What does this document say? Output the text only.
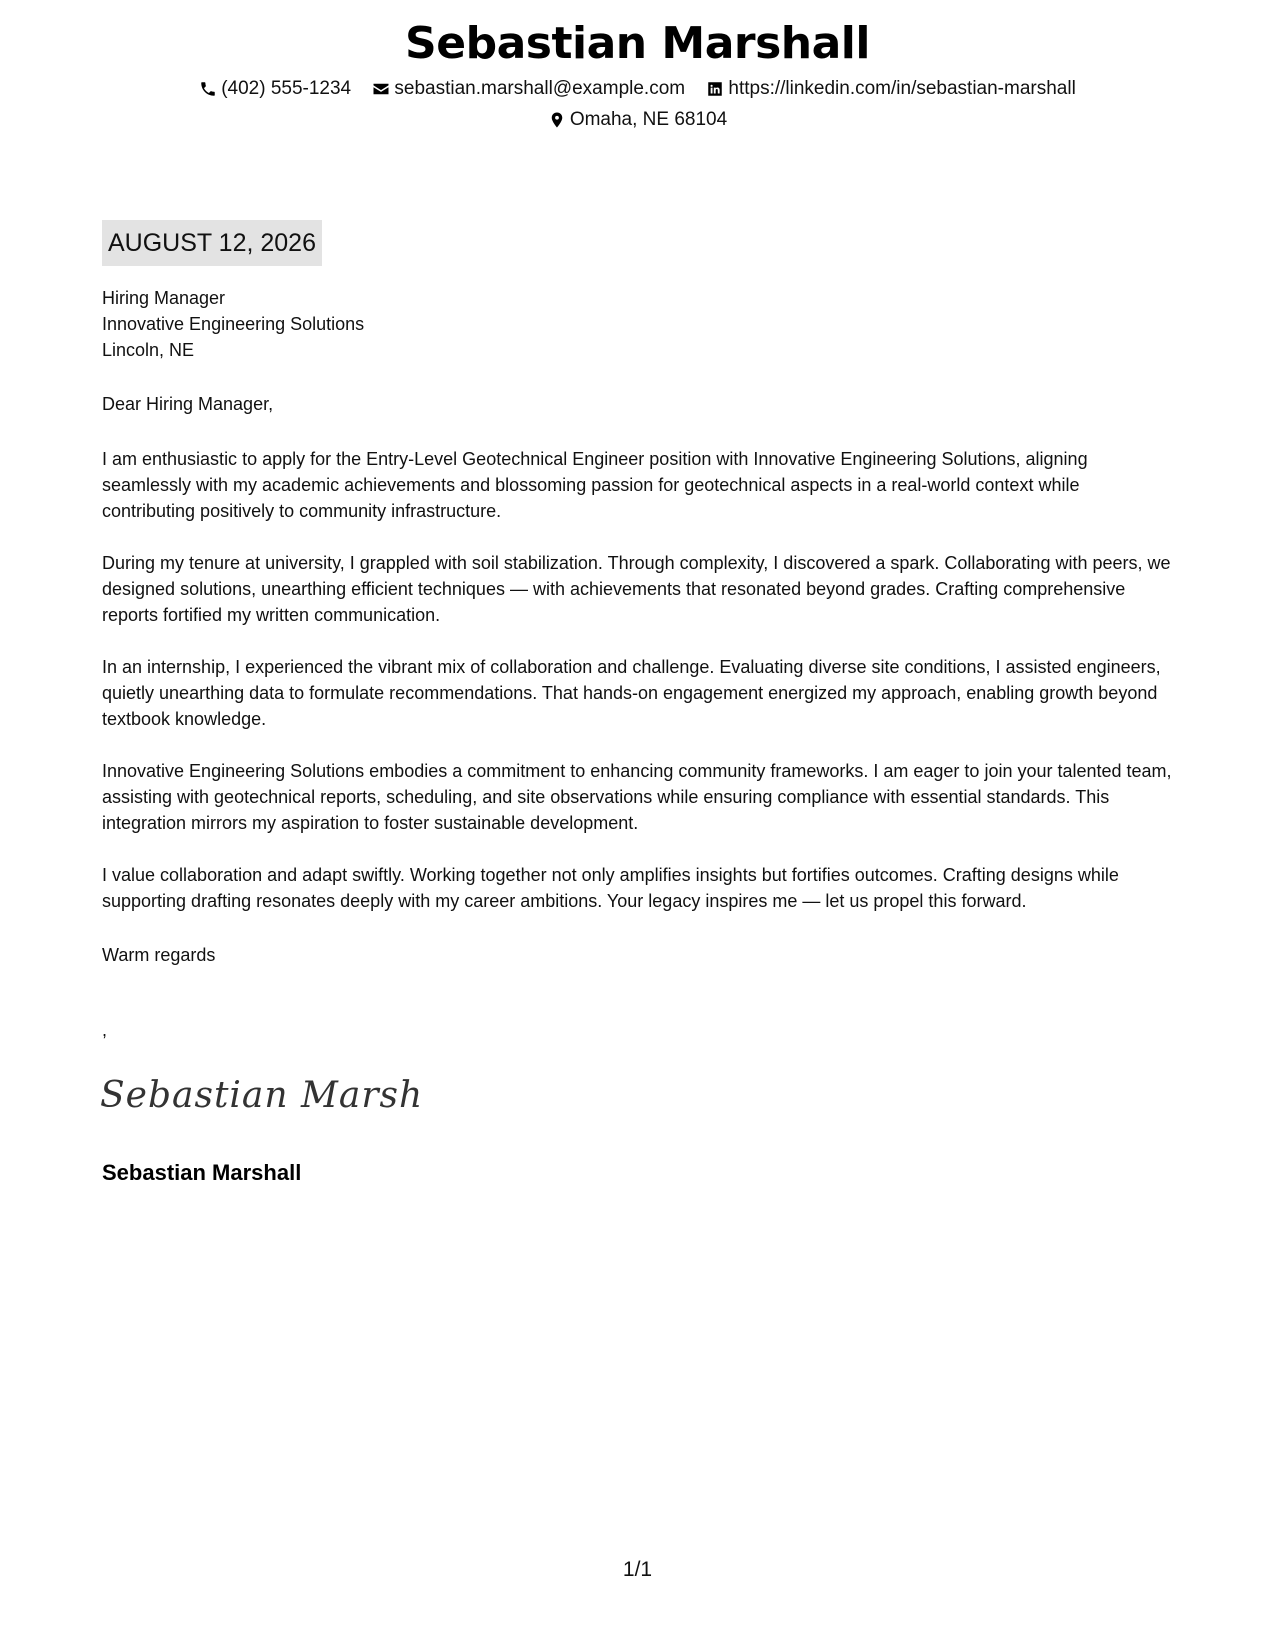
Sebastian Marshall
(402) 555-1234
sebastian.marshall@example.com
https://linkedin.com/in/sebastian-marshall
Omaha, NE 68104
AUGUST 12, 2026
Hiring Manager
Innovative Engineering Solutions
Lincoln, NE
Dear Hiring Manager,

I am enthusiastic to apply for the Entry-Level Geotechnical Engineer position with Innovative Engineering Solutions, aligning seamlessly with my academic achievements and blossoming passion for geotechnical aspects in a real-world context while contributing positively to community infrastructure.

During my tenure at university, I grappled with soil stabilization. Through complexity, I discovered a spark. Collaborating with peers, we designed solutions, unearthing efficient techniques — with achievements that resonated beyond grades. Crafting comprehensive reports fortified my written communication.

In an internship, I experienced the vibrant mix of collaboration and challenge. Evaluating diverse site conditions, I assisted engineers, quietly unearthing data to formulate recommendations. That hands-on engagement energized my approach, enabling growth beyond textbook knowledge.

Innovative Engineering Solutions embodies a commitment to enhancing community frameworks. I am eager to join your talented team, assisting with geotechnical reports, scheduling, and site observations while ensuring compliance with essential standards. This integration mirrors my aspiration to foster sustainable development.

I value collaboration and adapt swiftly. Working together not only amplifies insights but fortifies outcomes. Crafting designs while supporting drafting resonates deeply with my career ambitions. Your legacy inspires me — let us propel this forward.

Warm regards
,
Sebastian Marsh
Sebastian Marshall
1/1
